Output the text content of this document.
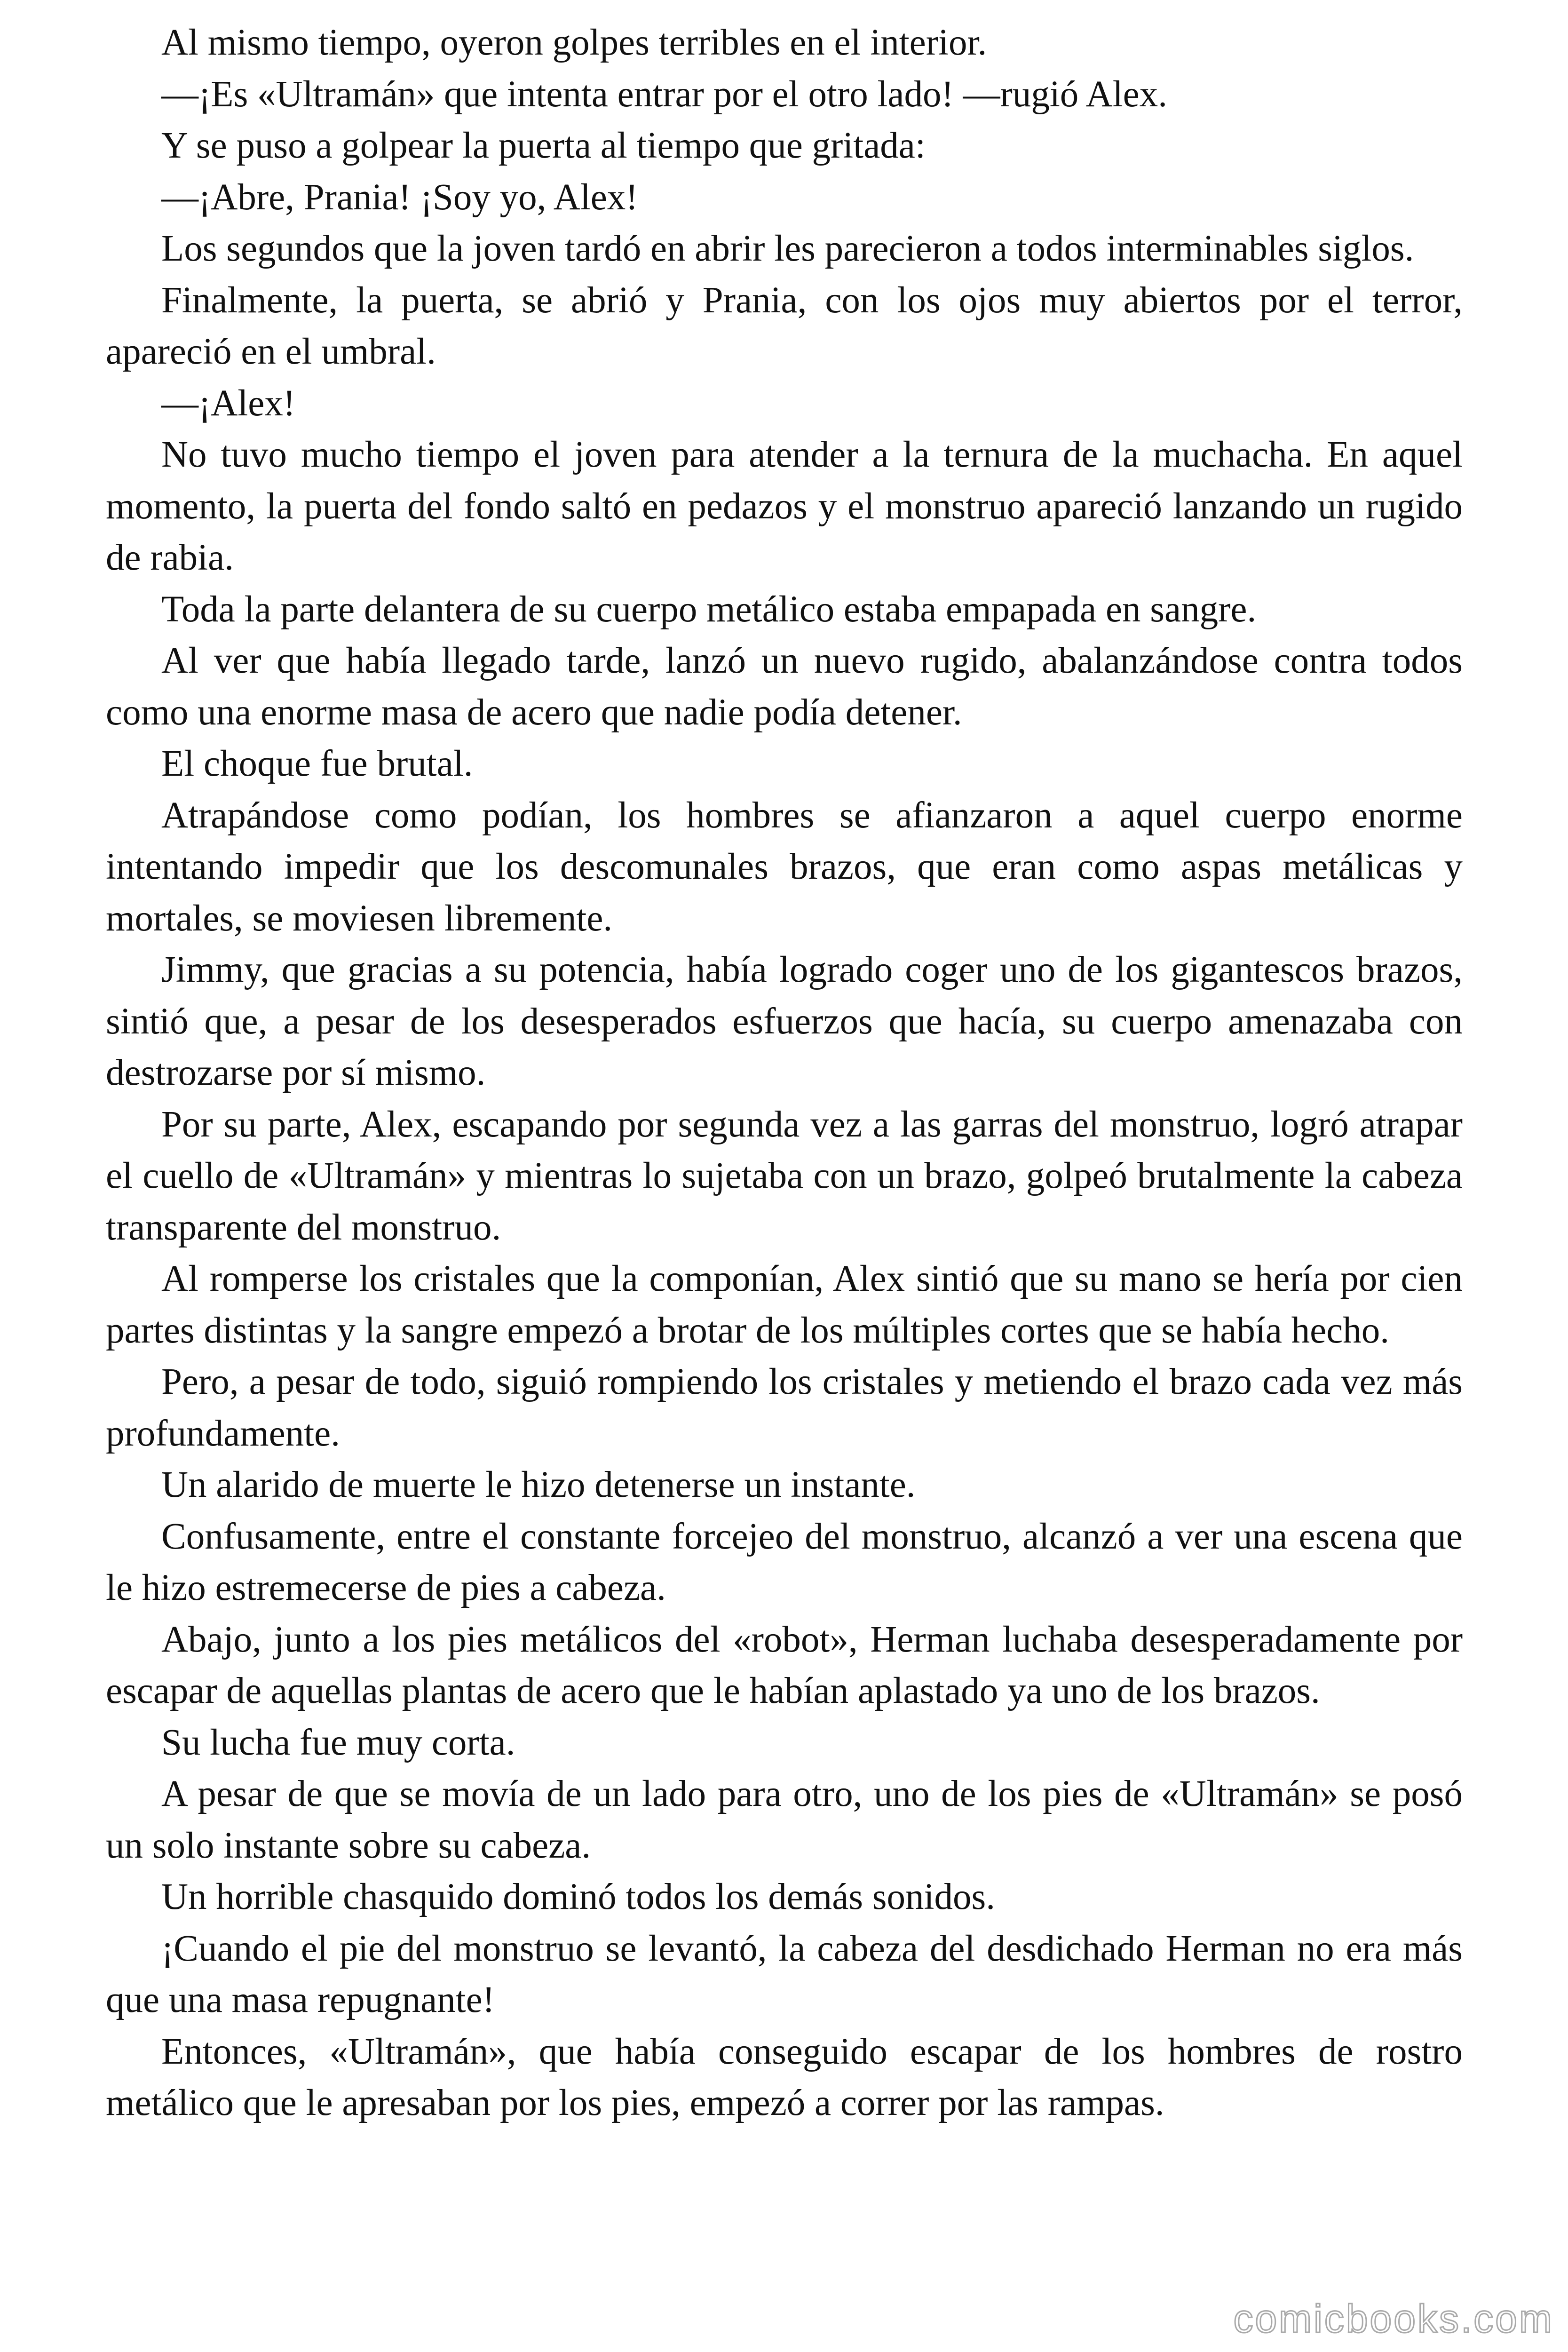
Al mismo tiempo, oyeron golpes terribles en el interior.

—¡Es «Ultramán» que intenta entrar por el otro lado! —rugió Alex.

Y se puso a golpear la puerta al tiempo que gritada:

—¡Abre, Prania! ¡Soy yo, Alex!

Los segundos que la joven tardó en abrir les parecieron a todos interminables siglos.

Finalmente, la puerta, se abrió y Prania, con los ojos muy abiertos por el terror, apareció en el umbral.

—¡Alex!

No tuvo mucho tiempo el joven para atender a la ternura de la muchacha. En aquel momento, la puerta del fondo saltó en pedazos y el monstruo apareció lanzando un rugido de rabia.

Toda la parte delantera de su cuerpo metálico estaba empapada en sangre.

Al ver que había llegado tarde, lanzó un nuevo rugido, abalanzándose contra todos como una enorme masa de acero que nadie podía detener.

El choque fue brutal.

Atrapándose como podían, los hombres se afianzaron a aquel cuerpo enorme intentando impedir que los descomunales brazos, que eran como aspas metálicas y mortales, se moviesen libremente.

Jimmy, que gracias a su potencia, había logrado coger uno de los gigantescos brazos, sintió que, a pesar de los desesperados esfuerzos que hacía, su cuerpo amenazaba con destrozarse por sí mismo.

Por su parte, Alex, escapando por segunda vez a las garras del monstruo, logró atrapar el cuello de «Ultramán» y mientras lo sujetaba con un brazo, golpeó brutalmente la cabeza transparente del monstruo.

Al romperse los cristales que la componían, Alex sintió que su mano se hería por cien partes distintas y la sangre empezó a brotar de los múltiples cortes que se había hecho.

Pero, a pesar de todo, siguió rompiendo los cristales y metiendo el brazo cada vez más profundamente.

Un alarido de muerte le hizo detenerse un instante.

Confusamente, entre el constante forcejeo del monstruo, alcanzó a ver una escena que le hizo estremecerse de pies a cabeza.

Abajo, junto a los pies metálicos del «robot», Herman luchaba desesperadamente por escapar de aquellas plantas de acero que le habían aplastado ya uno de los brazos.

Su lucha fue muy corta.

A pesar de que se movía de un lado para otro, uno de los pies de «Ultramán» se posó un solo instante sobre su cabeza.

Un horrible chasquido dominó todos los demás sonidos.

¡Cuando el pie del monstruo se levantó, la cabeza del desdichado Herman no era más que una masa repugnante!

Entonces, «Ultramán», que había conseguido escapar de los hombres de rostro metálico que le apresaban por los pies, empezó a correr por las rampas.

comicbooks.com
